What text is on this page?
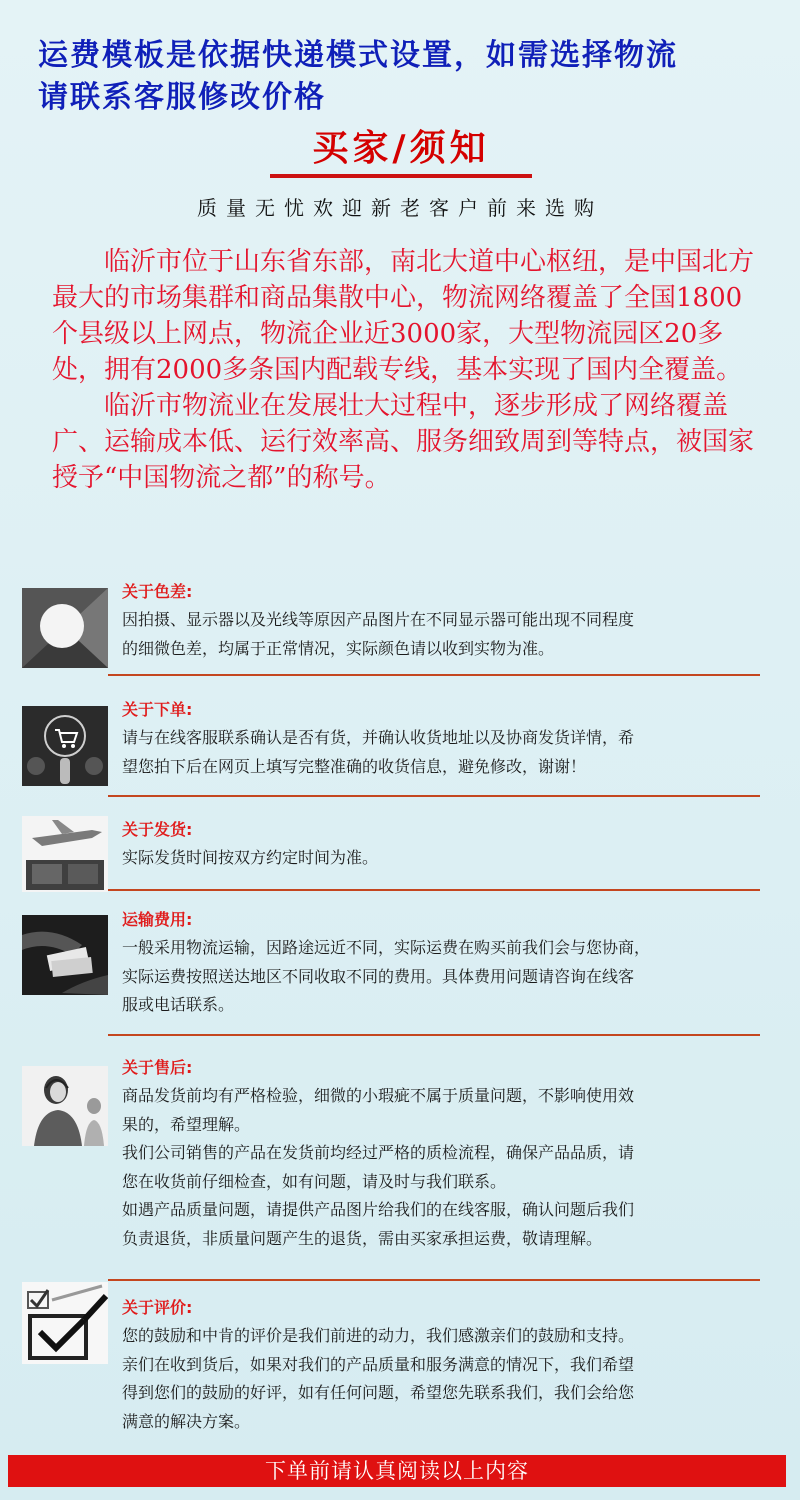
运费模板是依据快递模式设置，如需选择物流
请联系客服修改价格
买家/须知
质量无忧欢迎新老客户前来选购

临沂市位于山东省东部，南北大道中心枢纽，是中国北方最大的市场集群和商品集散中心，物流网络覆盖了全国1800个县级以上网点，物流企业近3000家，大型物流园区20多处，拥有2000多条国内配载专线，基本实现了国内全覆盖。

临沂市物流业在发展壮大过程中，逐步形成了网络覆盖广、运输成本低、运行效率高、服务细致周到等特点，被国家授予“中国物流之都”的称号。

关于色差:
因拍摄、显示器以及光线等原因产品图片在不同显示器可能出现不同程度
的细微色差，均属于正常情况，实际颜色请以收到实物为准。
关于下单:
请与在线客服联系确认是否有货，并确认收货地址以及协商发货详情，希
望您拍下后在网页上填写完整准确的收货信息，避免修改，谢谢！
关于发货:
实际发货时间按双方约定时间为准。
运输费用:
一般采用物流运输，因路途远近不同，实际运费在购买前我们会与您协商，
实际运费按照送达地区不同收取不同的费用。具体费用问题请咨询在线客
服或电话联系。
关于售后:
商品发货前均有严格检验，细微的小瑕疵不属于质量问题，不影响使用效
果的，希望理解。
我们公司销售的产品在发货前均经过严格的质检流程，确保产品品质，请
您在收货前仔细检查，如有问题，请及时与我们联系。
如遇产品质量问题，请提供产品图片给我们的在线客服，确认问题后我们
负责退货，非质量问题产生的退货，需由买家承担运费，敬请理解。
关于评价:
您的鼓励和中肯的评价是我们前进的动力，我们感激亲们的鼓励和支持。
亲们在收到货后，如果对我们的产品质量和服务满意的情况下，我们希望
得到您们的鼓励的好评，如有任何问题，希望您先联系我们，我们会给您
满意的解决方案。
下单前请认真阅读以上内容
